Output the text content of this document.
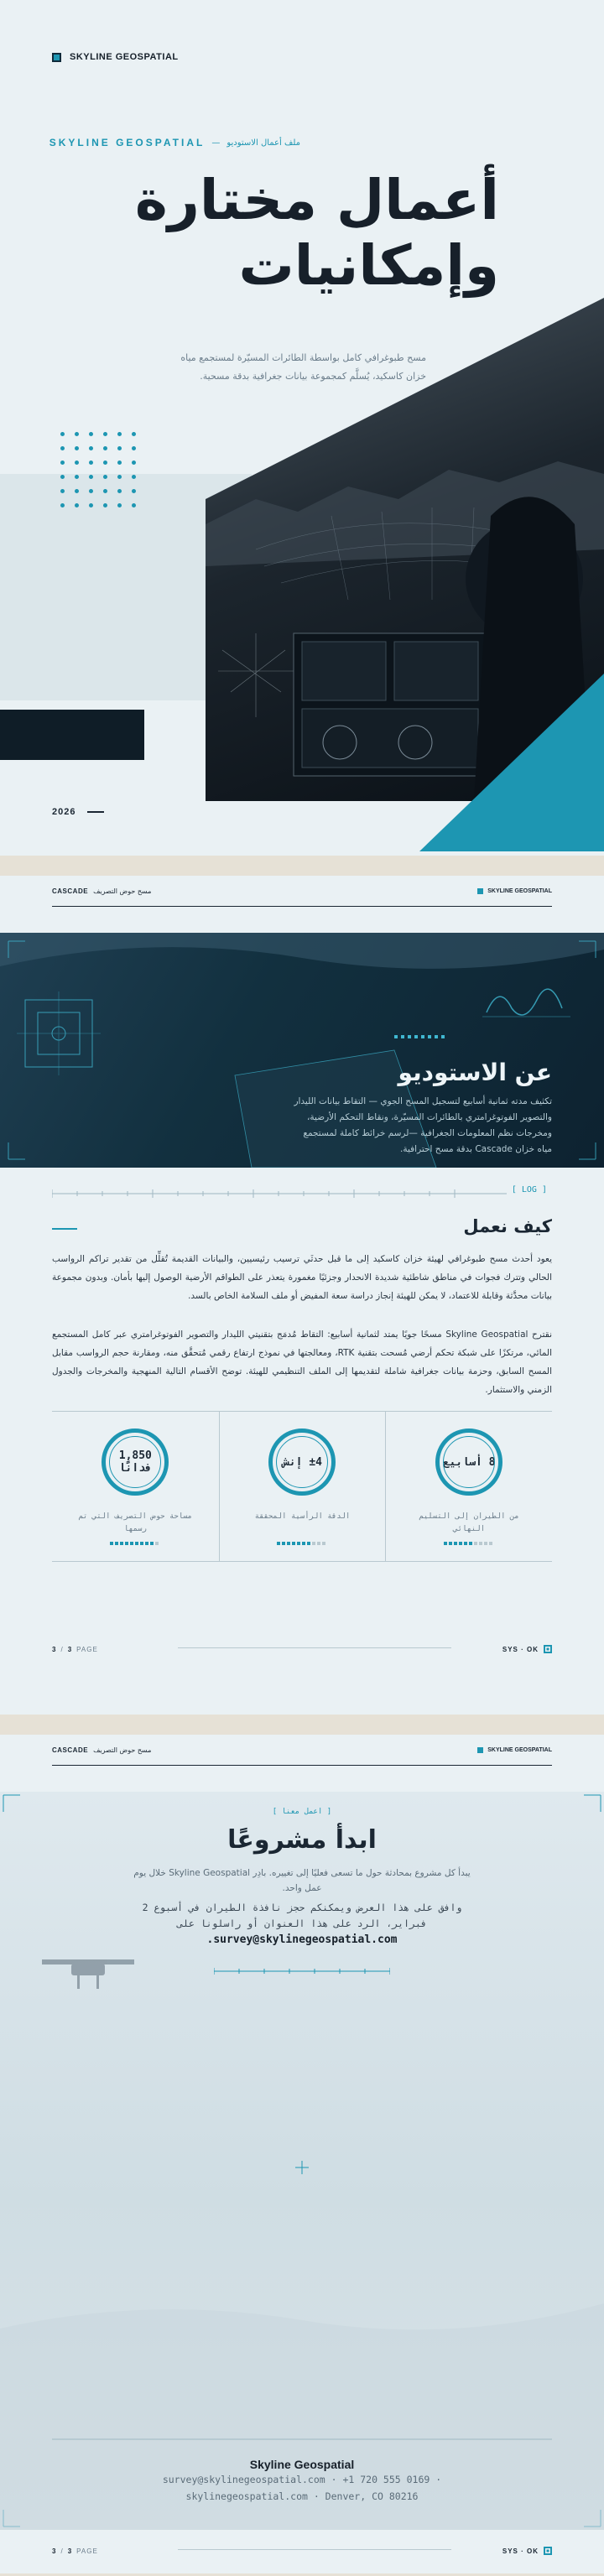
SKYLINE GEOSPATIAL
ملف أعمال الاستوديو
—
SKYLINE GEOSPATIAL
أعمال مختارة
وإمكانيات

مسح طبوغرافي كامل بواسطة الطائرات المسيّرة لمستجمع مياه خزان كاسكيد، يُسلَّم كمجموعة بيانات جغرافية بدقة مسحية.

2026
CASCADE مسح حوض التصريف	SKYLINE GEOSPATIAL
عن الاستوديو

تكثيف مدته ثمانية أسابيع لتسجيل المسح الجوي — التقاط بيانات الليدار والتصوير الفوتوغرامتري بالطائرات المسيّرة، ونقاط التحكم الأرضية، ومخرجات نظم المعلومات الجغرافية —لرسم خرائط كاملة لمستجمع مياه خزان Cascade بدقة مسح احترافية.

[ LOG ]
كيف نعمل

يعود أحدث مسح طبوغرافي لهيئة خزان كاسكيد إلى ما قبل حدثَي ترسيب رئيسيين، والبيانات القديمة تُقلِّل من تقدير تراكم الرواسب الحالي وتترك فجوات في مناطق شاطئية شديدة الانحدار وجزئيًا مغمورة يتعذر على الطواقم الأرضية الوصول إليها بأمان. وبدون مجموعة بيانات محدَّثة وقابلة للاعتماد، لا يمكن للهيئة إنجاز دراسة سعة المفيض أو ملف السلامة الخاص بالسد.

نقترح Skyline Geospatial مسحًا جويًا يمتد لثمانية أسابيع: التقاط مُدمَج بتقنيتي الليدار والتصوير الفوتوغرامتري عبر كامل المستجمع المائي، مرتكزًا على شبكة تحكم أرضي مُسحت بتقنية RTK، ومعالجتها في نموذج ارتفاع رقمي مُتحقَّق منه، ومقارنة حجم الرواسب مقابل المسح السابق، وحزمة بيانات جغرافية شاملة لتقديمها إلى الملف التنظيمي للهيئة. توضح الأقسام التالية المنهجية والمخرجات والجدول الزمني والاستثمار.

1,850 فدانًا
مساحة حوض التصريف التي تم رسمها
±4 إنش
الدقة الرأسية المحققة
8 أسابيع
من الطيران إلى التسليم النهائي
3 / 3 PAGE	SYS · OK
CASCADE مسح حوض التصريف	SKYLINE GEOSPATIAL
[ اعمل معنا ]
ابدأ مشروعًا

يبدأ كل مشروع بمحادثة حول ما تسعى فعليًا إلى تغييره. بادِر Skyline Geospatial خلال يوم عمل واحد.

وافق على هذا العرض ويمكنكم حجز نافذة الطيران في أسبوع 2 فبراير، الرد على هذا العنوان أو راسلونا على
survey@skylinegeospatial.com.

Skyline Geospatial
survey@skylinegeospatial.com · +1 720 555 0169 ·
skylinegeospatial.com · Denver, CO 80216
3 / 3 PAGE	SYS · OK
